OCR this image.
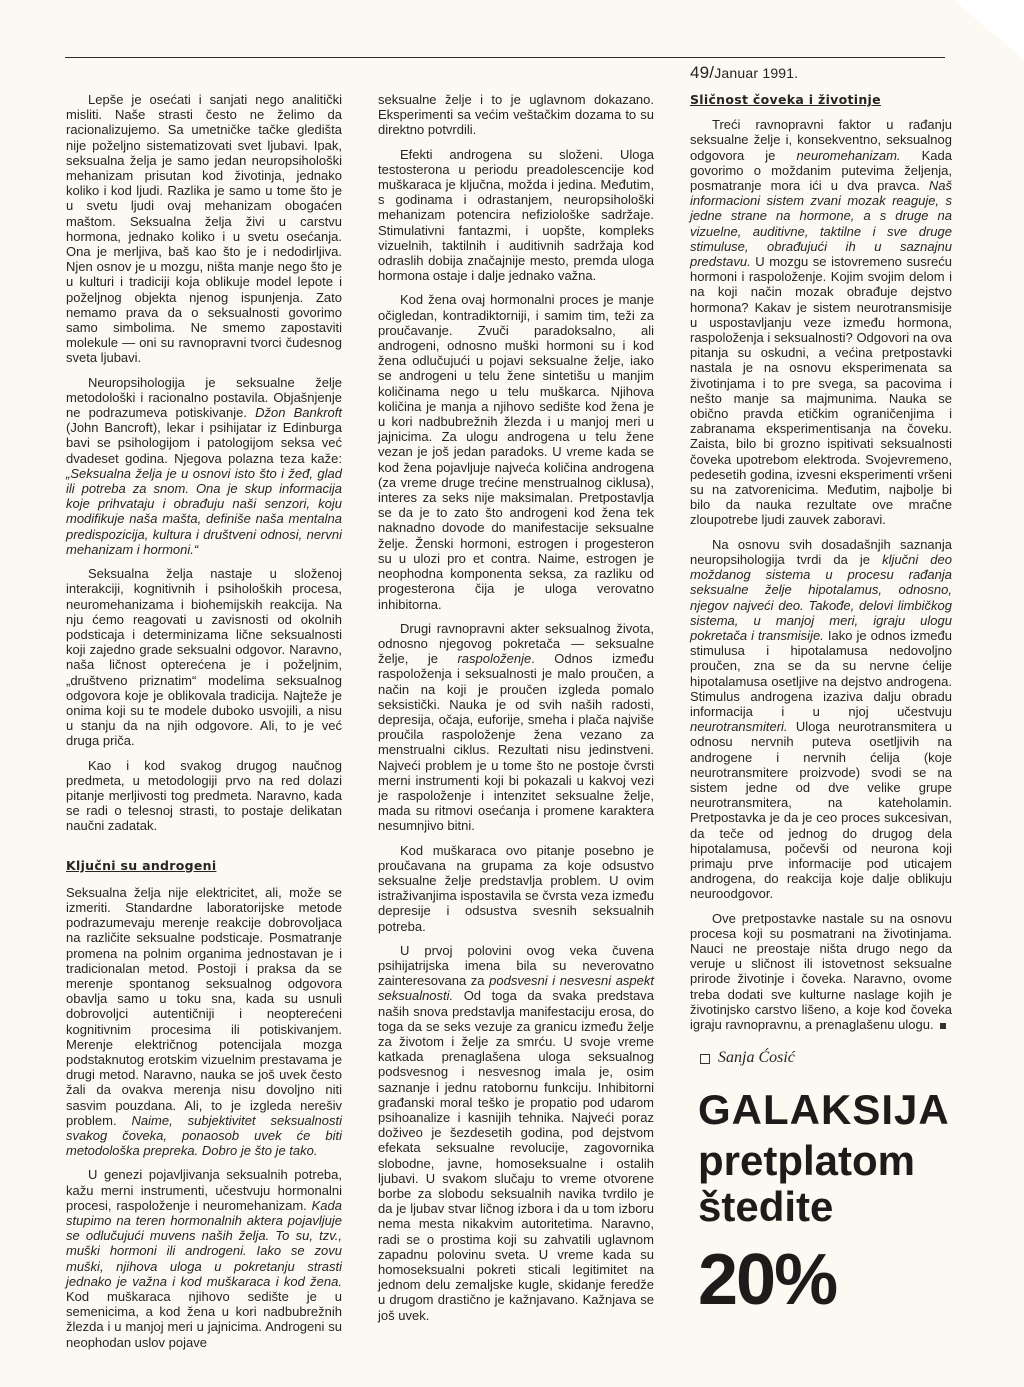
49/Januar 1991.

Lepše je osećati i sanjati nego analitički misliti. Naše strasti često ne želimo da racionalizujemo. Sa umetničke tačke gledišta nije poželjno sistematizovati svet ljubavi. Ipak, seksualna želja je samo jedan neuropsihološki mehanizam prisutan kod životinja, jednako koliko i kod ljudi. Razlika je samo u tome što je u svetu ljudi ovaj mehanizam obogaćen maštom. Seksualna želja živi u carstvu hormona, jednako koliko i u svetu osećanja. Ona je merljiva, baš kao što je i nedodirljiva. Njen osnov je u mozgu, ništa manje nego što je u kulturi i tradiciji koja oblikuje model lepote i poželjnog objekta njenog ispunjenja. Zato nemamo prava da o seksualnosti govorimo samo simbolima. Ne smemo zapostaviti molekule — oni su ravnopravni tvorci čudesnog sveta ljubavi.

Neuropsihologija je seksualne želje metodološki i racionalno postavila. Objašnjenje ne podrazumeva potiskivanje. Džon Bankroft (John Bancroft), lekar i psihijatar iz Edinburga bavi se psihologijom i patologijom seksa već dvadeset godina. Njegova polazna teza kaže: „Seksualna želja je u osnovi isto što i žeđ, glad ili potreba za snom. Ona je skup informacija koje prihvataju i obrađuju naši senzori, koju modifikuje naša mašta, definiše naša mentalna predispozicija, kultura i društveni odnosi, nervni mehanizam i hormoni.“

Seksualna želja nastaje u složenoj interakciji, kognitivnih i psiholoških procesa, neuromehanizama i biohemijskih reakcija. Na nju ćemo reagovati u zavisnosti od okolnih podsticaja i determinizama lične seksualnosti koji zajedno grade seksualni odgovor. Naravno, naša ličnost opterećena je i poželjnim, „društveno priznatim“ modelima seksualnog odgovora koje je oblikovala tradicija. Najteže je onima koji su te modele duboko usvojili, a nisu u stanju da na njih odgovore. Ali, to je već druga priča.

Kao i kod svakog drugog naučnog predmeta, u metodologiji prvo na red dolazi pitanje merljivosti tog predmeta. Naravno, kada se radi o telesnoj strasti, to postaje delikatan naučni zadatak.

Ključni su androgeni

Seksualna želja nije elektricitet, ali, može se izmeriti. Standardne laboratorijske metode podrazumevaju merenje reakcije dobrovoljaca na različite seksualne podsticaje. Posmatranje promena na polnim organima jednostavan je i tradicionalan metod. Postoji i praksa da se merenje spontanog seksualnog odgovora obavlja samo u toku sna, kada su usnuli dobrovoljci autentičniji i neopterećeni kognitivnim procesima ili potiskivanjem. Merenje električnog potencijala mozga podstaknutog erotskim vizuelnim prestavama je drugi metod. Naravno, nauka se još uvek često žali da ovakva merenja nisu dovoljno niti sasvim pouzdana. Ali, to je izgleda nerešiv problem. Naime, subjektivitet seksualnosti svakog čoveka, ponaosob uvek će biti metodološka prepreka. Dobro je što je tako.

U genezi pojavljivanja seksualnih potreba, kažu merni instrumenti, učestvuju hormonalni procesi, raspoloženje i neuromehanizam. Kada stupimo na teren hormonalnih aktera pojavljuje se odlučujući muvens naših želja. To su, tzv., muški hormoni ili androgeni. Iako se zovu muški, njihova uloga u pokretanju strasti jednako je važna i kod muškaraca i kod žena. Kod muškaraca njihovo sedište je u semenicima, a kod žena u kori nadbubrežnih žlezda i u manjoj meri u jajnicima. Androgeni su neophodan uslov pojave

seksualne želje i to je uglavnom dokazano. Eksperimenti sa većim veštačkim dozama to su direktno potvrdili.

Efekti androgena su složeni. Uloga testosterona u periodu preadolescencije kod muškaraca je ključna, možda i jedina. Međutim, s godinama i odrastanjem, neuropsihološki mehanizam potencira nefiziološke sadržaje. Stimulativni fantazmi, i uopšte, kompleks vizuelnih, taktilnih i auditivnih sadržaja kod odraslih dobija značajnije mesto, premda uloga hormona ostaje i dalje jednako važna.

Kod žena ovaj hormonalni proces je manje očigledan, kontradiktorniji, i samim tim, teži za proučavanje. Zvuči paradoksalno, ali androgeni, odnosno muški hormoni su i kod žena odlučujući u pojavi seksualne želje, iako se androgeni u telu žene sintetišu u manjim količinama nego u telu muškarca. Njihova količina je manja a njihovo sedište kod žena je u kori nadbubrežnih žlezda i u manjoj meri u jajnicima. Za ulogu androgena u telu žene vezan je još jedan paradoks. U vreme kada se kod žena pojavljuje najveća količina androgena (za vreme druge trećine menstrualnog ciklusa), interes za seks nije maksimalan. Pretpostavlja se da je to zato što androgeni kod žena tek naknadno dovode do manifestacije seksualne želje. Ženski hormoni, estrogen i progesteron su u ulozi pro et contra. Naime, estrogen je neophodna komponenta seksa, za razliku od progesterona čija je uloga verovatno inhibitorna.

Drugi ravnopravni akter seksualnog života, odnosno njegovog pokretača — seksualne želje, je raspoloženje. Odnos između raspoloženja i seksualnosti je malo proučen, a način na koji je proučen izgleda pomalo seksistički. Nauka je od svih naših radosti, depresija, očaja, euforije, smeha i plača najviše proučila raspoloženje žena vezano za menstrualni ciklus. Rezultati nisu jedinstveni. Najveći problem je u tome što ne postoje čvrsti merni instrumenti koji bi pokazali u kakvoj vezi je raspoloženje i intenzitet seksualne želje, mada su ritmovi osećanja i promene karaktera nesumnjivo bitni.

Kod muškaraca ovo pitanje posebno je proučavana na grupama za koje odsustvo seksualne želje predstavlja problem. U ovim istraživanjima ispostavila se čvrsta veza između depresije i odsustva svesnih seksualnih potreba.

U prvoj polovini ovog veka čuvena psihijatrijska imena bila su neverovatno zainteresovana za podsvesni i nesvesni aspekt seksualnosti. Od toga da svaka predstava naših snova predstavlja manifestaciju erosa, do toga da se seks vezuje za granicu između želje za životom i želje za smrću. U svoje vreme katkada prenaglašena uloga seksualnog podsvesnog i nesvesnog imala je, osim saznanje i jednu ratobornu funkciju. Inhibitorni građanski moral teško je propatio pod udarom psihoanalize i kasnijih tehnika. Najveći poraz doživeo je šezdesetih godina, pod dejstvom efekata seksualne revolucije, zagovornika slobodne, javne, homoseksualne i ostalih ljubavi. U svakom slučaju to vreme otvorene borbe za slobodu seksualnih navika tvrdilo je da je ljubav stvar ličnog izbora i da u tom izboru nema mesta nikakvim autoritetima. Naravno, radi se o prostima koji su zahvatili uglavnom zapadnu polovinu sveta. U vreme kada su homoseksualni pokreti sticali legitimitet na jednom delu zemaljske kugle, skidanje feredže u drugom drastično je kažnjavano. Kažnjava se još uvek.

Sličnost čoveka i životinje

Treći ravnopravni faktor u rađanju seksualne želje i, konsekventno, seksualnog odgovora je neuromehanizam. Kada govorimo o moždanim putevima željenja, posmatranje mora ići u dva pravca. Naš informacioni sistem zvani mozak reaguje, s jedne strane na hormone, a s druge na vizuelne, auditivne, taktilne i sve druge stimuluse, obrađujući ih u saznajnu predstavu. U mozgu se istovremeno susreću hormoni i raspoloženje. Kojim svojim delom i na koji način mozak obrađuje dejstvo hormona? Kakav je sistem neurotransmisije u uspostavljanju veze između hormona, raspoloženja i seksualnosti? Odgovori na ova pitanja su oskudni, a većina pretpostavki nastala je na osnovu eksperimenata sa životinjama i to pre svega, sa pacovima i nešto manje sa majmunima. Nauka se obično pravda etičkim ograničenjima i zabranama eksperimentisanja na čoveku. Zaista, bilo bi grozno ispitivati seksualnosti čoveka upotrebom elektroda. Svojevremeno, pedesetih godina, izvesni eksperimenti vršeni su na zatvorenicima. Međutim, najbolje bi bilo da nauka rezultate ove mračne zloupotrebe ljudi zauvek zaboravi.

Na osnovu svih dosadašnjih saznanja neuropsihologija tvrdi da je ključni deo moždanog sistema u procesu rađanja seksualne želje hipotalamus, odnosno, njegov najveći deo. Takođe, delovi limbičkog sistema, u manjoj meri, igraju ulogu pokretača i transmisije. Iako je odnos između stimulusa i hipotalamusa nedovoljno proučen, zna se da su nervne ćelije hipotalamusa osetljive na dejstvo androgena. Stimulus androgena izaziva dalju obradu informacija i u njoj učestvuju neurotransmiteri. Uloga neurotransmitera u odnosu nervnih puteva osetljivih na androgene i nervnih ćelija (koje neurotransmitere proizvode) svodi se na sistem jedne od dve velike grupe neurotransmitera, na kateholamin. Pretpostavka je da je ceo proces sukcesivan, da teče od jednog do drugog dela hipotalamusa, počevši od neurona koji primaju prve informacije pod uticajem androgena, do reakcija koje dalje oblikuju neuroodgovor.

Ove pretpostavke nastale su na osnovu procesa koji su posmatrani na životinjama. Nauci ne preostaje ništa drugo nego da veruje u sličnost ili istovetnost seksualne prirode životinje i čoveka. Naravno, ovome treba dodati sve kulturne naslage kojih je životinjsko carstvo lišeno, a koje kod čoveka igraju ravnopravnu, a prenaglašenu ulogu.

Sanja Ćosić
GALAKSIJA
pretplatom
štedite
20%
